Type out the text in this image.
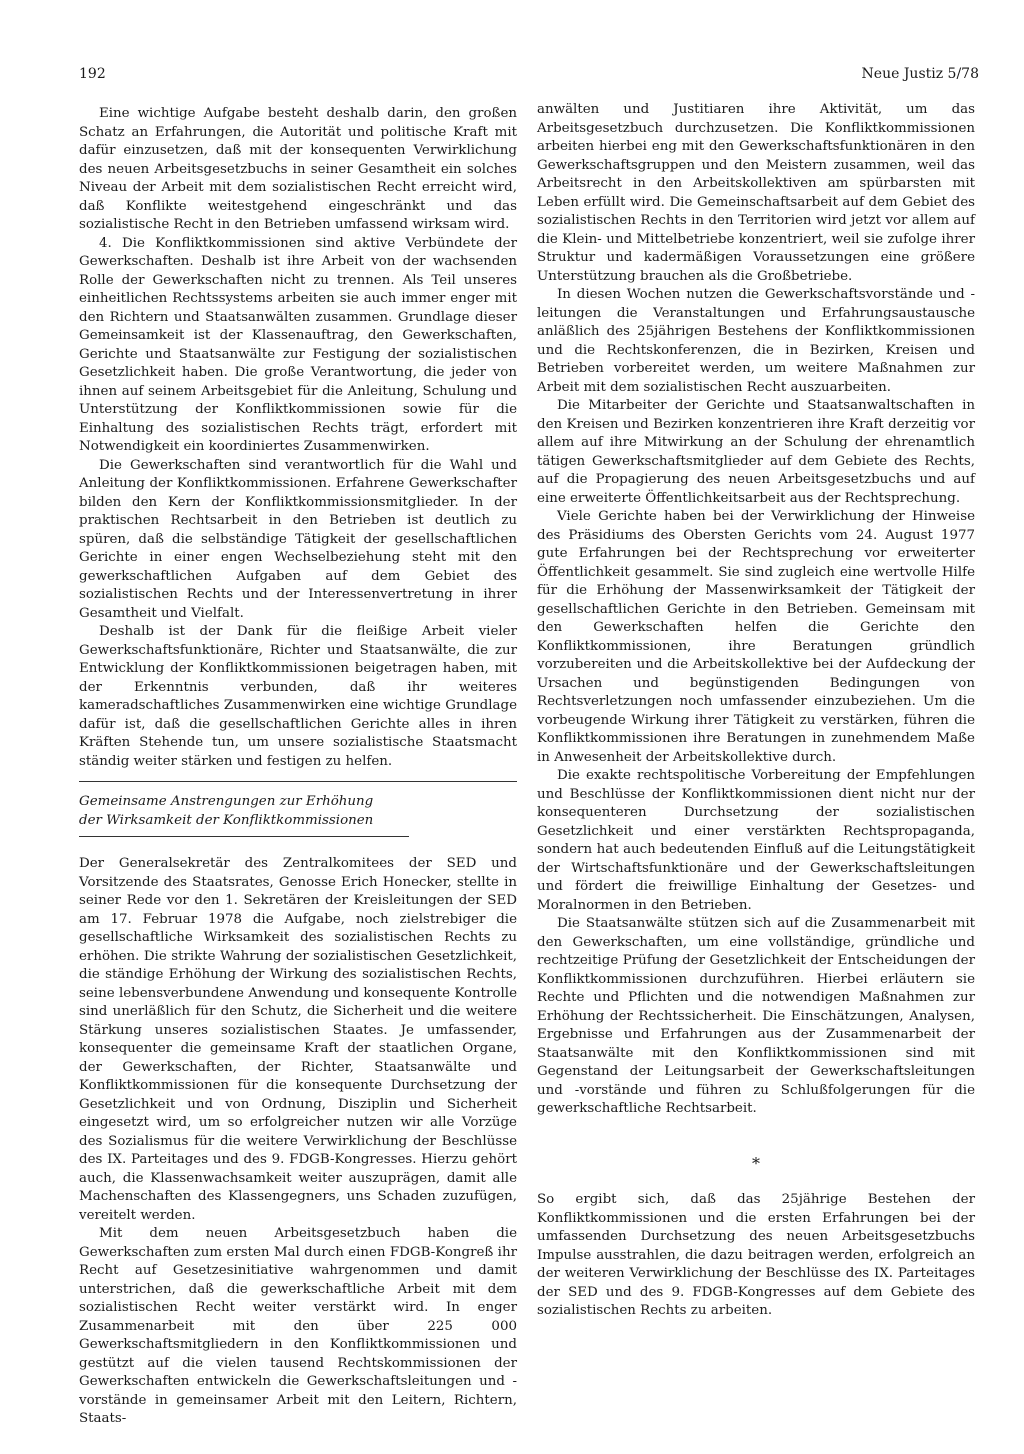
192	Neue Justiz 5/78

Eine wichtige Aufgabe besteht deshalb darin, den großen Schatz an Erfahrungen, die Autorität und politische Kraft mit dafür einzusetzen, daß mit der konsequenten Verwirklichung des neuen Arbeitsgesetzbuchs in seiner Gesamtheit ein solches Niveau der Arbeit mit dem sozialistischen Recht erreicht wird, daß Konflikte weitestgehend eingeschränkt und das sozialistische Recht in den Betrieben umfassend wirksam wird.

4. Die Konfliktkommissionen sind aktive Verbündete der Gewerkschaften. Deshalb ist ihre Arbeit von der wachsenden Rolle der Gewerkschaften nicht zu trennen. Als Teil unseres einheitlichen Rechtssystems arbeiten sie auch immer enger mit den Richtern und Staatsanwälten zusammen. Grundlage dieser Gemeinsamkeit ist der Klassenauftrag, den Gewerkschaften, Gerichte und Staatsanwälte zur Festigung der sozialistischen Gesetzlichkeit haben. Die große Verantwortung, die jeder von ihnen auf seinem Arbeitsgebiet für die Anleitung, Schulung und Unterstützung der Konfliktkommissionen sowie für die Einhaltung des sozialistischen Rechts trägt, erfordert mit Notwendigkeit ein koordiniertes Zusammenwirken.

Die Gewerkschaften sind verantwortlich für die Wahl und Anleitung der Konfliktkommissionen. Erfahrene Gewerkschafter bilden den Kern der Konfliktkommissionsmitglieder. In der praktischen Rechtsarbeit in den Betrieben ist deutlich zu spüren, daß die selbständige Tätigkeit der gesellschaftlichen Gerichte in einer engen Wechselbeziehung steht mit den gewerkschaftlichen Aufgaben auf dem Gebiet des sozialistischen Rechts und der Interessenvertretung in ihrer Gesamtheit und Vielfalt.

Deshalb ist der Dank für die fleißige Arbeit vieler Gewerkschaftsfunktionäre, Richter und Staatsanwälte, die zur Entwicklung der Konfliktkommissionen beigetragen haben, mit der Erkenntnis verbunden, daß ihr weiteres kameradschaftliches Zusammenwirken eine wichtige Grundlage dafür ist, daß die gesellschaftlichen Gerichte alles in ihren Kräften Stehende tun, um unsere sozialistische Staatsmacht ständig weiter stärken und festigen zu helfen.

Gemeinsame Anstrengungen zur Erhöhung
der Wirksamkeit der Konfliktkommissionen

Der Generalsekretär des Zentralkomitees der SED und Vorsitzende des Staatsrates, Genosse Erich Honecker, stellte in seiner Rede vor den 1. Sekretären der Kreisleitungen der SED am 17. Februar 1978 die Aufgabe, noch zielstrebiger die gesellschaftliche Wirksamkeit des sozialistischen Rechts zu erhöhen. Die strikte Wahrung der sozialistischen Gesetzlichkeit, die ständige Erhöhung der Wirkung des sozialistischen Rechts, seine lebensverbundene Anwendung und konsequente Kontrolle sind unerläßlich für den Schutz, die Sicherheit und die weitere Stärkung unseres sozialistischen Staates. Je umfassender, konsequenter die gemeinsame Kraft der staatlichen Organe, der Gewerkschaften, der Richter, Staatsanwälte und Konfliktkommissionen für die konsequente Durchsetzung der Gesetzlichkeit und von Ordnung, Disziplin und Sicherheit eingesetzt wird, um so erfolgreicher nutzen wir alle Vorzüge des Sozialismus für die weitere Verwirklichung der Beschlüsse des IX. Parteitages und des 9. FDGB-Kongresses. Hierzu gehört auch, die Klassenwachsamkeit weiter auszuprägen, damit alle Machenschaften des Klassengegners, uns Schaden zuzufügen, vereitelt werden.

Mit dem neuen Arbeitsgesetzbuch haben die Gewerkschaften zum ersten Mal durch einen FDGB-Kongreß ihr Recht auf Gesetzesinitiative wahrgenommen und damit unterstrichen, daß die gewerkschaftliche Arbeit mit dem sozialistischen Recht weiter verstärkt wird. In enger Zusammenarbeit mit den über 225 000 Gewerkschaftsmitgliedern in den Konfliktkommissionen und gestützt auf die vielen tausend Rechtskommissionen der Gewerkschaften entwickeln die Gewerkschaftsleitungen und -vorstände in gemeinsamer Arbeit mit den Leitern, Richtern, Staats-

anwälten und Justitiaren ihre Aktivität, um das Arbeitsgesetzbuch durchzusetzen. Die Konfliktkommissionen arbeiten hierbei eng mit den Gewerkschaftsfunktionären in den Gewerkschaftsgruppen und den Meistern zusammen, weil das Arbeitsrecht in den Arbeitskollektiven am spürbarsten mit Leben erfüllt wird. Die Gemeinschaftsarbeit auf dem Gebiet des sozialistischen Rechts in den Territorien wird jetzt vor allem auf die Klein- und Mittelbetriebe konzentriert, weil sie zufolge ihrer Struktur und kadermäßigen Voraussetzungen eine größere Unterstützung brauchen als die Großbetriebe.

In diesen Wochen nutzen die Gewerkschaftsvorstände und -leitungen die Veranstaltungen und Erfahrungsaustausche anläßlich des 25jährigen Bestehens der Konfliktkommissionen und die Rechtskonferenzen, die in Bezirken, Kreisen und Betrieben vorbereitet werden, um weitere Maßnahmen zur Arbeit mit dem sozialistischen Recht auszuarbeiten.

Die Mitarbeiter der Gerichte und Staatsanwaltschaften in den Kreisen und Bezirken konzentrieren ihre Kraft derzeitig vor allem auf ihre Mitwirkung an der Schulung der ehrenamtlich tätigen Gewerkschaftsmitglieder auf dem Gebiete des Rechts, auf die Propagierung des neuen Arbeitsgesetzbuchs und auf eine erweiterte Öffentlichkeitsarbeit aus der Rechtsprechung.

Viele Gerichte haben bei der Verwirklichung der Hinweise des Präsidiums des Obersten Gerichts vom 24. August 1977 gute Erfahrungen bei der Rechtsprechung vor erweiterter Öffentlichkeit gesammelt. Sie sind zugleich eine wertvolle Hilfe für die Erhöhung der Massenwirksamkeit der Tätigkeit der gesellschaftlichen Gerichte in den Betrieben. Gemeinsam mit den Gewerkschaften helfen die Gerichte den Konfliktkommissionen, ihre Beratungen gründlich vorzubereiten und die Arbeitskollektive bei der Aufdeckung der Ursachen und begünstigenden Bedingungen von Rechtsverletzungen noch umfassender einzubeziehen. Um die vorbeugende Wirkung ihrer Tätigkeit zu verstärken, führen die Konfliktkommissionen ihre Beratungen in zunehmendem Maße in Anwesenheit der Arbeitskollektive durch.

Die exakte rechtspolitische Vorbereitung der Empfehlungen und Beschlüsse der Konfliktkommissionen dient nicht nur der konsequenteren Durchsetzung der sozialistischen Gesetzlichkeit und einer verstärkten Rechtspropaganda, sondern hat auch bedeutenden Einfluß auf die Leitungstätigkeit der Wirtschaftsfunktionäre und der Gewerkschaftsleitungen und fördert die freiwillige Einhaltung der Gesetzes- und Moralnormen in den Betrieben.

Die Staatsanwälte stützen sich auf die Zusammenarbeit mit den Gewerkschaften, um eine vollständige, gründliche und rechtzeitige Prüfung der Gesetzlichkeit der Entscheidungen der Konfliktkommissionen durchzuführen. Hierbei erläutern sie Rechte und Pflichten und die notwendigen Maßnahmen zur Erhöhung der Rechtssicherheit. Die Einschätzungen, Analysen, Ergebnisse und Erfahrungen aus der Zusammenarbeit der Staatsanwälte mit den Konfliktkommissionen sind mit Gegenstand der Leitungsarbeit der Gewerkschaftsleitungen und -vorstände und führen zu Schlußfolgerungen für die gewerkschaftliche Rechtsarbeit.

*

So ergibt sich, daß das 25jährige Bestehen der Konfliktkommissionen und die ersten Erfahrungen bei der umfassenden Durchsetzung des neuen Arbeitsgesetzbuchs Impulse ausstrahlen, die dazu beitragen werden, erfolgreich an der weiteren Verwirklichung der Beschlüsse des IX. Parteitages der SED und des 9. FDGB-Kongresses auf dem Gebiete des sozialistischen Rechts zu arbeiten.
